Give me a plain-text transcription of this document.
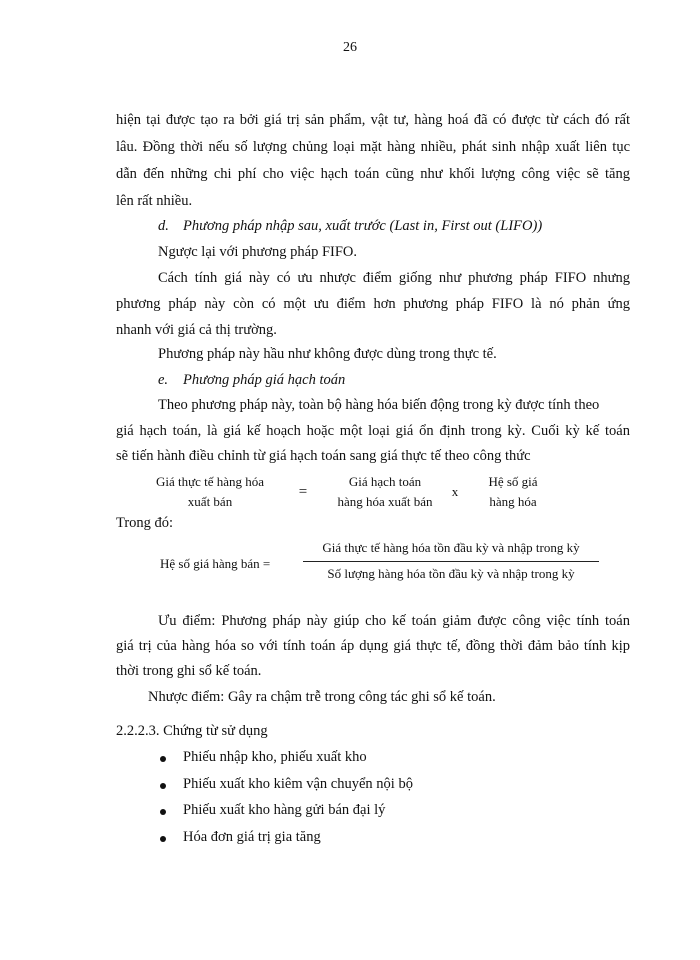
26
hiện tại được tạo ra bởi giá trị sản phẩm, vật tư, hàng hoá đã có được từ cách đó rất
lâu. Đồng thời nếu số lượng chủng loại mặt hàng nhiều, phát sinh nhập xuất liên tục
dẫn đến những chi phí cho việc hạch toán cũng như khối lượng công việc sẽ tăng
lên rất nhiều.
d. Phương pháp nhập sau, xuất trước (Last in, First out (LIFO))
Ngược lại với phương pháp FIFO.
Cách tính giá này có ưu nhược điểm giống như phương pháp FIFO nhưng
phương pháp này còn có một ưu điểm hơn phương pháp FIFO là nó phản ứng
nhanh với giá cả thị trường.
Phương pháp này hầu như không được dùng trong thực tế.
e. Phương pháp giá hạch toán
Theo phương pháp này, toàn bộ hàng hóa biến động trong kỳ được tính theo
giá hạch toán, là giá kế hoạch hoặc một loại giá ổn định trong kỳ. Cuối kỳ kế toán
sẽ tiến hành điều chỉnh từ giá hạch toán sang giá thực tế theo công thức
Giá thực tế hàng hóa
xuất bán
=
Giá hạch toán
hàng hóa xuất bán
x
Hệ số giá
hàng hóa
Trong đó:
Hệ số giá hàng bán =
Giá thực tế hàng hóa tồn đầu kỳ và nhập trong kỳ
Số lượng hàng hóa tồn đầu kỳ và nhập trong kỳ
Ưu điểm: Phương pháp này giúp cho kế toán giảm được công việc tính toán
giá trị của hàng hóa so với tính toán áp dụng giá thực tế, đồng thời đảm bảo tính kịp
thời trong ghi sổ kế toán.
Nhược điểm: Gây ra chậm trễ trong công tác ghi sổ kế toán.
2.2.2.3. Chứng từ sử dụng
Phiếu nhập kho, phiếu xuất kho
Phiếu xuất kho kiêm vận chuyển nội bộ
Phiếu xuất kho hàng gửi bán đại lý
Hóa đơn giá trị gia tăng
